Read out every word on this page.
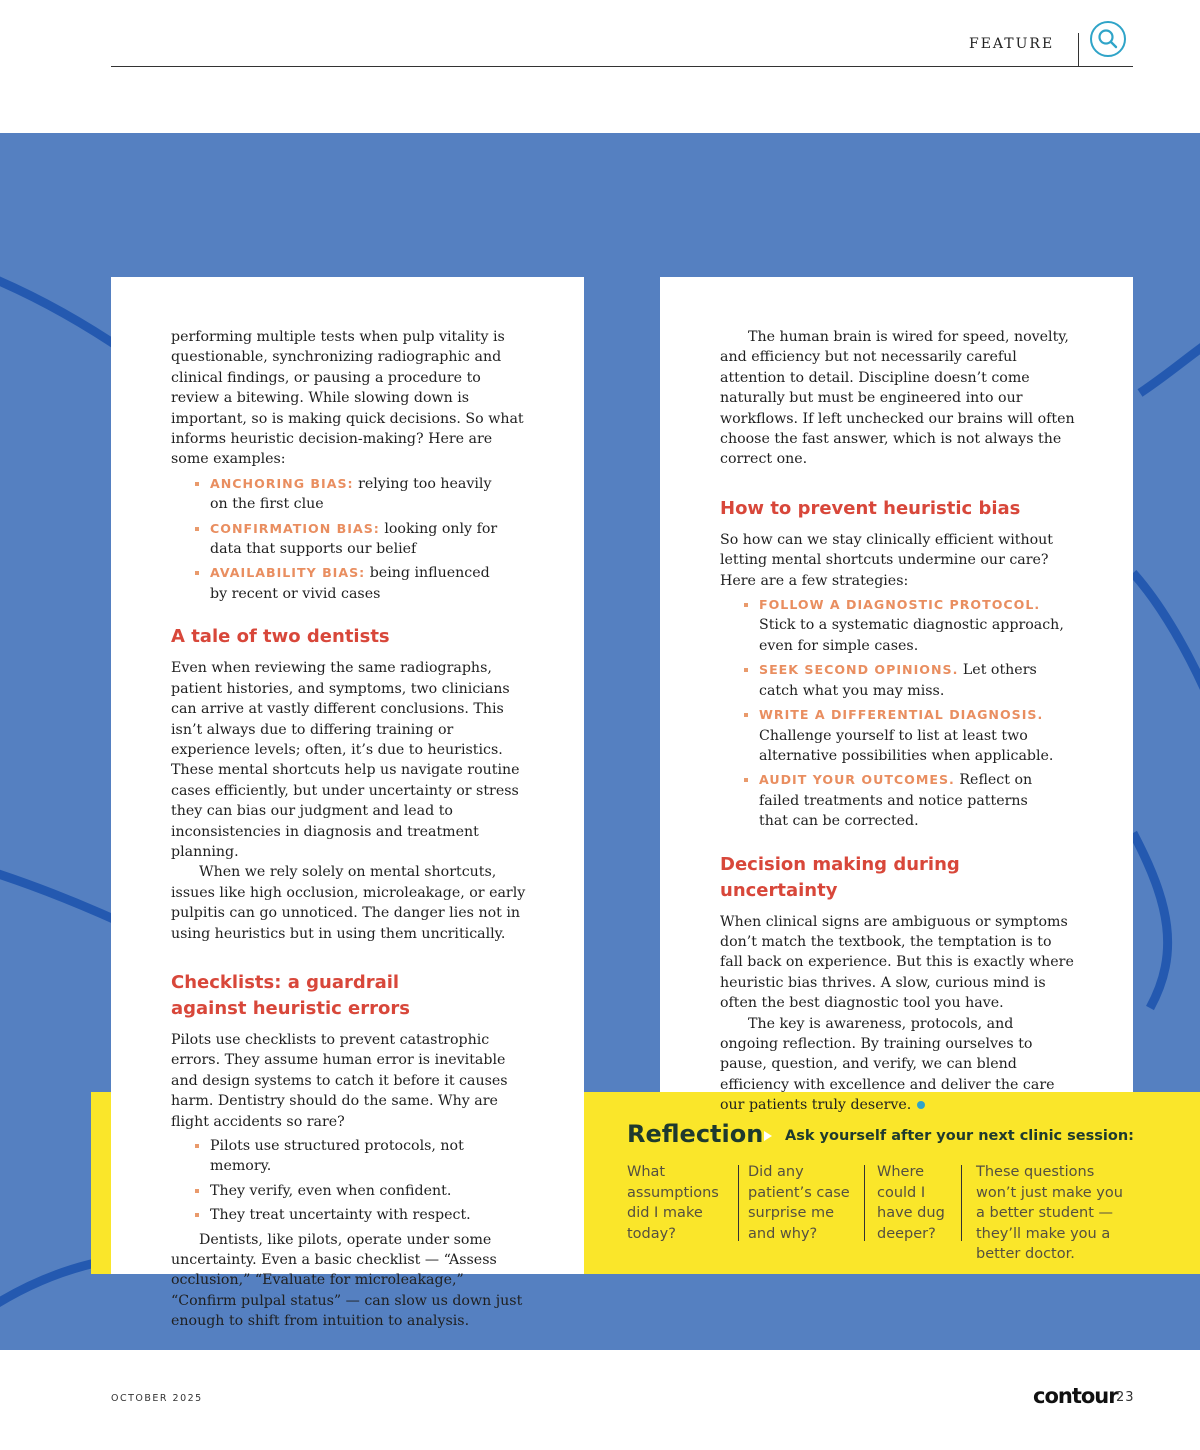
FEATURE

performing multiple tests when pulp vitality is questionable, synchronizing radiographic and clinical findings, or pausing a procedure to review a bitewing. While slowing down is important, so is making quick decisions. So what informs heuristic decision-making? Here are some examples:

ANCHORING BIAS: relying too heavily on the first clue
CONFIRMATION BIAS: looking only for data that supports our belief
AVAILABILITY BIAS: being influenced by recent or vivid cases
A tale of two dentists

Even when reviewing the same radiographs, patient histories, and symptoms, two clinicians can arrive at vastly different conclusions. This isn’t always due to differing training or experience levels; often, it’s due to heuristics. These mental shortcuts help us navigate routine cases efficiently, but under uncertainty or stress they can bias our judgment and lead to inconsistencies in diagnosis and treatment planning.

When we rely solely on mental shortcuts, issues like high occlusion, microleakage, or early pulpitis can go unnoticed. The danger lies not in using heuristics but in using them uncritically.

Checklists: a guardrail against heuristic errors

Pilots use checklists to prevent catastrophic errors. They assume human error is inevitable and design systems to catch it before it causes harm. Dentistry should do the same. Why are flight accidents so rare?

Pilots use structured protocols, not memory.
They verify, even when confident.
They treat uncertainty with respect.

Dentists, like pilots, operate under some uncertainty. Even a basic checklist — “Assess occlusion,” “Evaluate for microleakage,” “Confirm pulpal status” — can slow us down just enough to shift from intuition to analysis.

The human brain is wired for speed, novelty, and efficiency but not necessarily careful attention to detail. Discipline doesn’t come naturally but must be engineered into our workflows. If left unchecked our brains will often choose the fast answer, which is not always the correct one.

How to prevent heuristic bias

So how can we stay clinically efficient without letting mental shortcuts undermine our care? Here are a few strategies:

FOLLOW A DIAGNOSTIC PROTOCOL. Stick to a systematic diagnostic approach, even for simple cases.
SEEK SECOND OPINIONS. Let others catch what you may miss.
WRITE A DIFFERENTIAL DIAGNOSIS. Challenge yourself to list at least two alternative possibilities when applicable.
AUDIT YOUR OUTCOMES. Reflect on failed treatments and notice patterns that can be corrected.
Decision making during uncertainty

When clinical signs are ambiguous or symptoms don’t match the textbook, the temptation is to fall back on experience. But this is exactly where heuristic bias thrives. A slow, curious mind is often the best diagnostic tool you have.

The key is awareness, protocols, and ongoing reflection. By training ourselves to pause, question, and verify, we can blend efficiency with excellence and deliver the care our patients truly deserve.

Reflection Ask yourself after your next clinic session:
What assumptions did I make today?
Did any patient’s case surprise me and why?
Where could I have dug deeper?
These questions won’t just make you a better student — they’ll make you a better doctor.
OCTOBER 2025	contour
23
